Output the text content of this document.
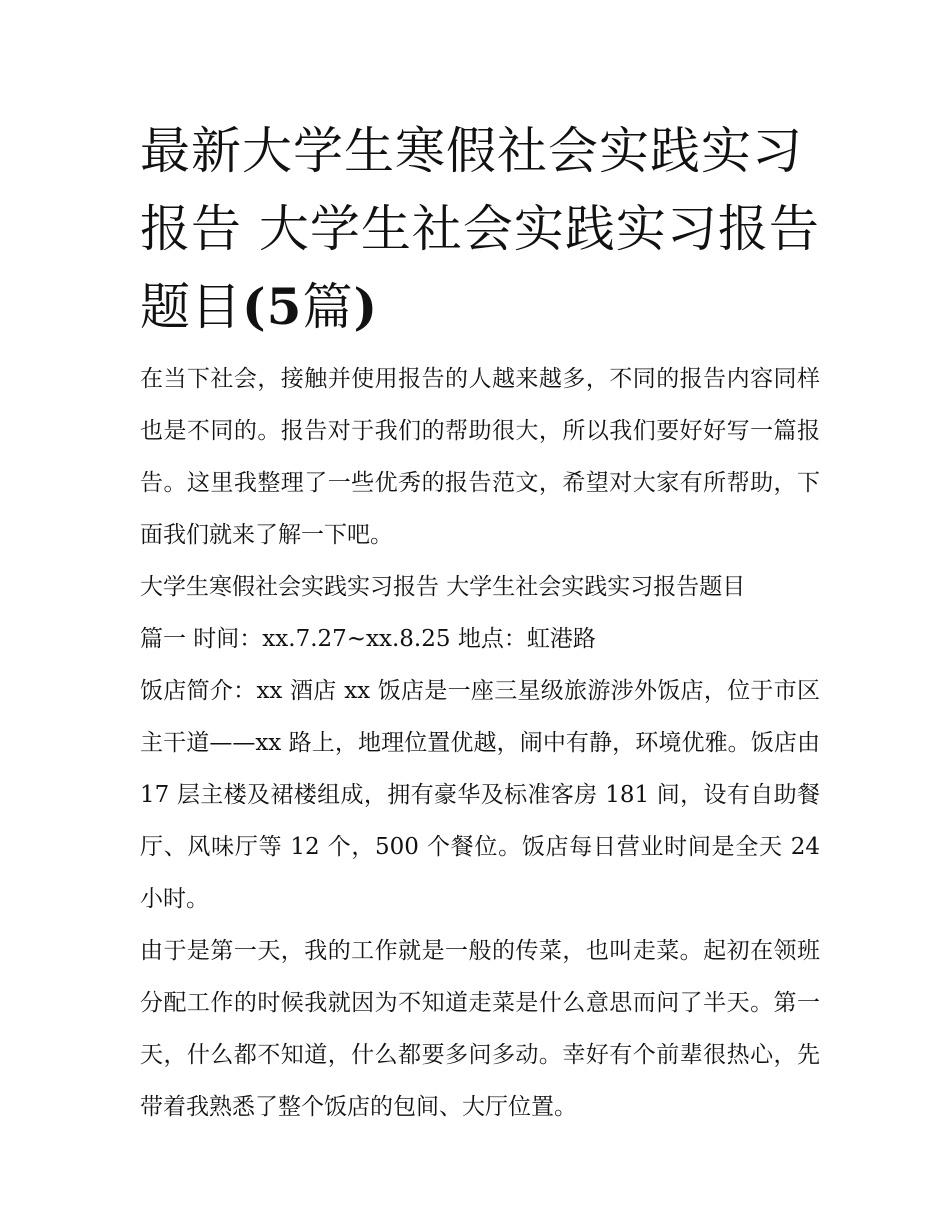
最新大学生寒假社会实践实习报告 大学生社会实践实习报告题目(5篇)

在当下社会，接触并使用报告的人越来越多，不同的报告内容同样也是不同的。报告对于我们的帮助很大，所以我们要好好写一篇报告。这里我整理了一些优秀的报告范文，希望对大家有所帮助，下面我们就来了解一下吧。

大学生寒假社会实践实习报告 大学生社会实践实习报告题目

篇一 时间：xx.7.27~xx.8.25 地点：虹港路

饭店简介：xx 酒店 xx 饭店是一座三星级旅游涉外饭店，位于市区主干道——xx 路上，地理位置优越，闹中有静，环境优雅。饭店由 17 层主楼及裙楼组成，拥有豪华及标准客房 181 间，设有自助餐厅、风味厅等 12 个，500 个餐位。饭店每日营业时间是全天 24 小时。

由于是第一天，我的工作就是一般的传菜，也叫走菜。起初在领班分配工作的时候我就因为不知道走菜是什么意思而问了半天。第一天，什么都不知道，什么都要多问多动。幸好有个前辈很热心，先带着我熟悉了整个饭店的包间、大厅位置。
